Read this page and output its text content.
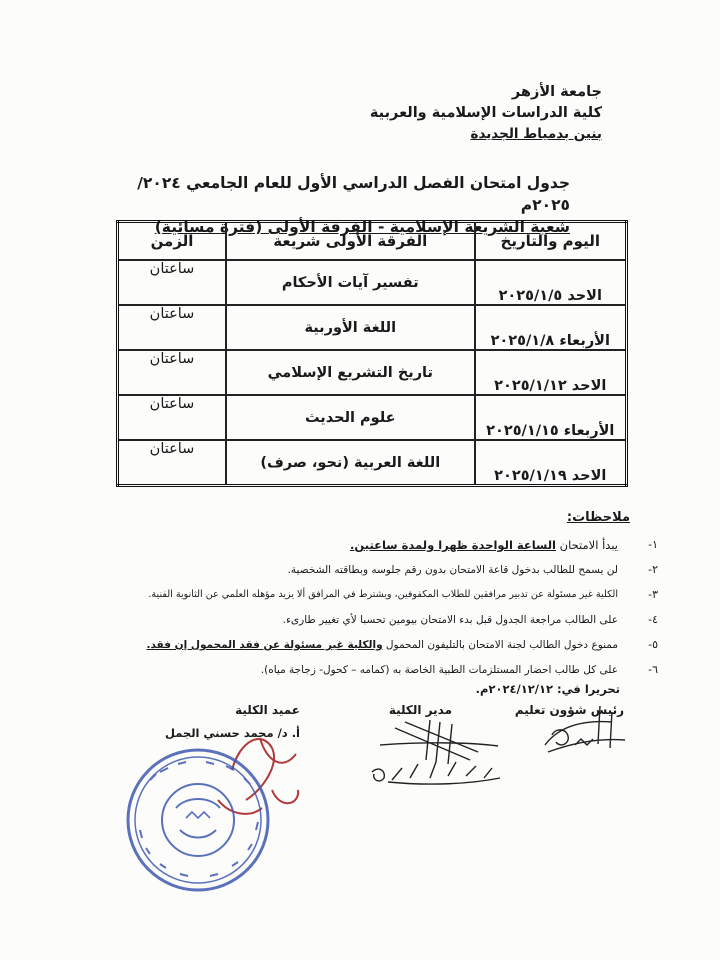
جامعة الأزهر
كلية الدراسات الإسلامية والعربية
بنين بدمياط الجديدة
جدول امتحان الفصل الدراسي الأول للعام الجامعي ٢٠٢٤/ ٢٠٢٥م
شعبة الشريعة الإسلامية - الفرقة الأولى (فترة مسائية)
اليوم والتاريخ	الفرقة الأولى شريعة	الزمن
الاحد ٢٠٢٥/١/٥	تفسير آيات الأحكام	ساعتان
الأربعاء ٢٠٢٥/١/٨	اللغة الأوربية	ساعتان
الاحد ٢٠٢٥/١/١٢	تاريخ التشريع الإسلامي	ساعتان
الأربعاء ٢٠٢٥/١/١٥	علوم الحديث	ساعتان
الاحد ٢٠٢٥/١/١٩	اللغة العربية (نحو، صرف)	ساعتان
ملاحظات:
١-
يبدأ الامتحان الساعة الواحدة ظهرا ولمدة ساعتين.
٢-
لن يسمح للطالب بدخول قاعة الامتحان بدون رقم جلوسه وبطاقته الشخصية.
٣-
الكلية غير مسئولة عن تدبير مرافقين للطلاب المكفوفين، ويشترط في المرافق ألا يزيد مؤهله العلمي عن الثانوية الفنية.
٤-
على الطالب مراجعة الجدول قبل بدء الامتحان بيومين تحسبا لأي تغيير طارىء.
٥-
ممنوع دخول الطالب لجنة الامتحان بالتليفون المحمول والكلية غير مسئولة عن فقد المحمول إن فقد.
٦-
على كل طالب احضار المستلزمات الطبية الخاصة به (كمامه – كحول- زجاجة مياه).
تحريرا في: ٢٠٢٤/١٢/١٢م.
رئيس شؤون تعليم
مدير الكلية
عميد الكلية
أ. د/ محمد حسني الجمل
